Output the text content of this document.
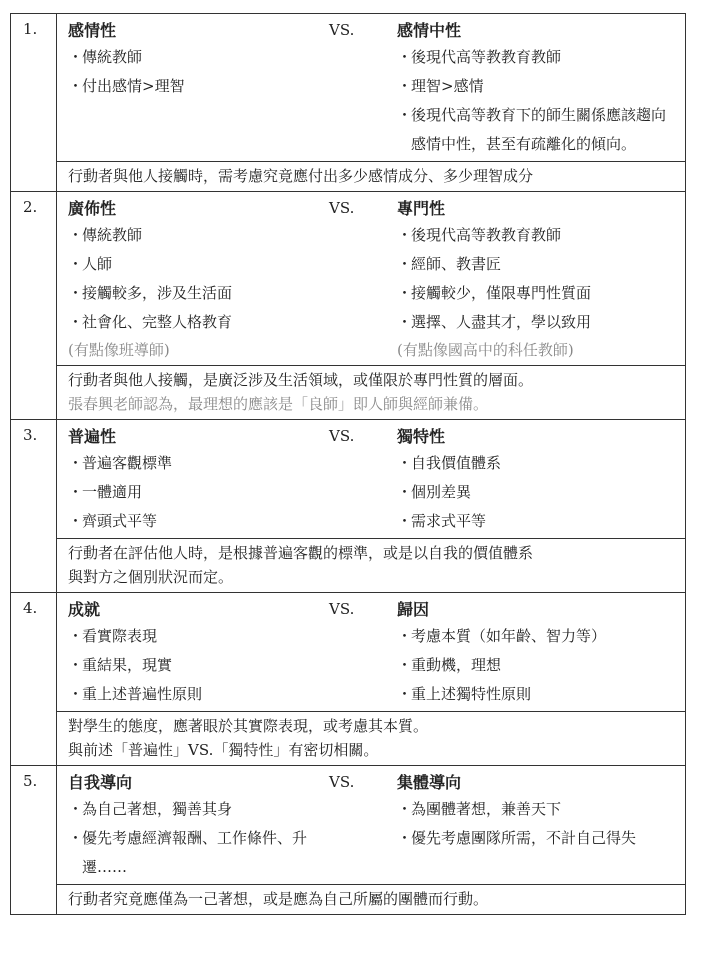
1.	感情性
・
傳統教師
・
付出感情>理智
VS.	感情中性
・
後現代高等教教育教師
・
理智>感情
・
後現代高等教育下的師生關係應該趨向感情中性，甚至有疏離化的傾向。
行動者與他人接觸時，需考慮究竟應付出多少感情成分、多少理智成分
2.	廣佈性
・
傳統教師
・
人師
・
接觸較多，涉及生活面
・
社會化、完整人格教育
(有點像班導師)
VS.	專門性
・
後現代高等教教育教師
・
經師、教書匠
・
接觸較少，僅限專門性質面
・
選擇、人盡其才，學以致用
(有點像國高中的科任教師)
行動者與他人接觸，是廣泛涉及生活領域，或僅限於專門性質的層面。
張春興老師認為，最理想的應該是「良師」即人師與經師兼備。
3.	普遍性
・
普遍客觀標準
・
一體適用
・
齊頭式平等
VS.	獨特性
・
自我價值體系
・
個別差異
・
需求式平等
行動者在評估他人時，是根據普遍客觀的標準，或是以自我的價值體系
與對方之個別狀況而定。
4.	成就
・
看實際表現
・
重結果，現實
・
重上述普遍性原則
VS.	歸因
・
考慮本質（如年齡、智力等）
・
重動機，理想
・
重上述獨特性原則
對學生的態度，應著眼於其實際表現，或考慮其本質。
與前述「普遍性」VS.「獨特性」有密切相關。
5.	自我導向
・
為自己著想，獨善其身
・
優先考慮經濟報酬、工作條件、升遷……
VS.	集體導向
・
為團體著想，兼善天下
・
優先考慮團隊所需，不計自己得失
行動者究竟應僅為一己著想，或是應為自己所屬的團體而行動。
